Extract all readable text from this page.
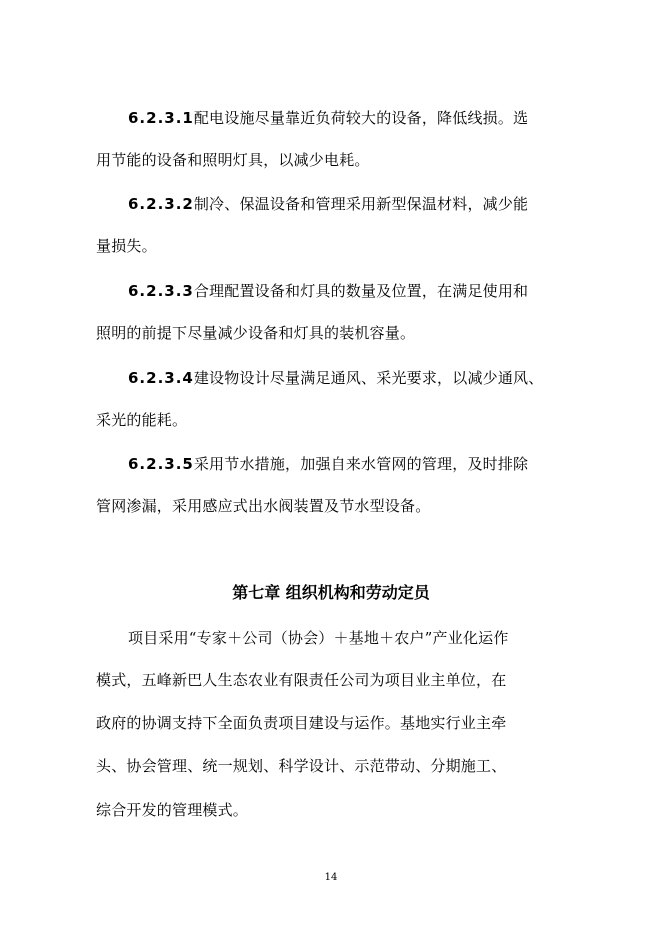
6.2.3.1配电设施尽量靠近负荷较大的设备，降低线损。选
用节能的设备和照明灯具，以减少电耗。
6.2.3.2制冷、保温设备和管理采用新型保温材料，减少能
量损失。
6.2.3.3合理配置设备和灯具的数量及位置，在满足使用和
照明的前提下尽量减少设备和灯具的装机容量。
6.2.3.4建设物设计尽量满足通风、采光要求，以减少通风、
采光的能耗。
6.2.3.5采用节水措施，加强自来水管网的管理，及时排除
管网渗漏，采用感应式出水阀装置及节水型设备。
第七章 组织机构和劳动定员
项目采用“专家＋公司（协会）＋基地＋农户”产业化运作
模式，五峰新巴人生态农业有限责任公司为项目业主单位，在
政府的协调支持下全面负责项目建设与运作。基地实行业主牵
头、协会管理、统一规划、科学设计、示范带动、分期施工、
综合开发的管理模式。
14
